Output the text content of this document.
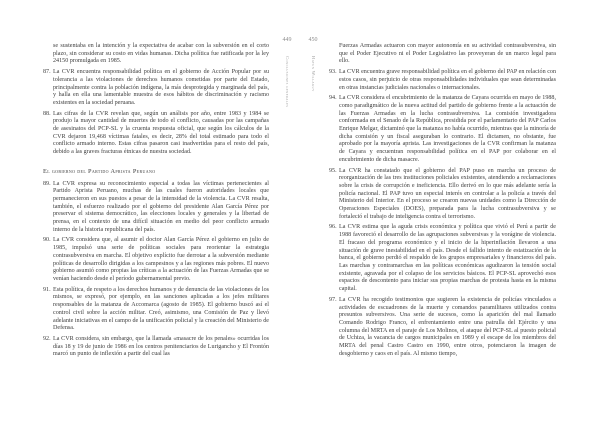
se sustentaba en la intención y la expectativa de acabar con la subversión en el corto plazo, sin considerar su costo en vidas humanas. Dicha política fue ratificada por la ley 24150 promulgada en 1985.

87. La CVR encuentra responsabilidad política en el gobierno de Acción Popular por su tolerancia a las violaciones de derechos humanos cometidas por parte del Estado, principalmente contra la población indígena, la más desprotegida y marginada del país, y halla en ella una lamentable muestra de esos hábitos de discriminación y racismo existentes en la sociedad peruana.
88. Las cifras de la CVR revelan que, según un análisis por año, entre 1983 y 1984 se produjo la mayor cantidad de muertes de todo el conflicto, causadas por las campañas de asesinatos del PCP-SL y la cruenta respuesta oficial, que según los cálculos de la CVR dejaron 19,468 víctimas fatales, es decir, 28% del total estimado para todo el conflicto armado interno. Estas cifras pasaron casi inadvertidas para el resto del país, debido a las graves fracturas étnicas de nuestra sociedad.
El gobierno del Partido Aprista Peruano
89. La CVR expresa su reconocimiento especial a todas las víctimas pertenecientes al Partido Aprista Peruano, muchas de las cuales fueron autoridades locales que permanecieron en sus puestos a pesar de la intensidad de la violencia. La CVR resalta, también, el esfuerzo realizado por el gobierno del presidente Alan García Pérez por preservar el sistema democrático, las elecciones locales y generales y la libertad de prensa, en el contexto de una difícil situación en medio del peor conflicto armado interno de la historia republicana del país.
90. La CVR considera que, al asumir el doctor Alan García Pérez el gobierno en julio de 1985, impulsó una serie de políticas sociales para reorientar la estrategia contrasubversiva en marcha. El objetivo explícito fue derrotar a la subversión mediante políticas de desarrollo dirigidas a los campesinos y a las regiones más pobres. El nuevo gobierno asumió como propias las críticas a la actuación de las Fuerzas Armadas que se venían haciendo desde el período gubernamental previo.
91. Esta política, de respeto a los derechos humanos y de denuncia de las violaciones de los mismos, se expresó, por ejemplo, en las sanciones aplicadas a los jefes militares responsables de la matanza de Accomarca (agosto de 1985). El gobierno buscó así el control civil sobre la acción militar. Creó, asimismo, una Comisión de Paz y llevó adelante iniciativas en el campo de la unificación policial y la creación del Ministerio de Defensa.
92. La CVR considera, sin embargo, que la llamada «masacre de los penales» ocurridas los días 18 y 19 de junio de 1986 en los centros penitenciarios de Lurigancho y El Frontón marcó un punto de inflexión a partir del cual las
449
Conclusiones generales
450
Hatun Willakuy

Fuerzas Armadas actuaron con mayor autonomía en su actividad contrasubversiva, sin que el Poder Ejecutivo ni el Poder Legislativo las proveyeran de un marco legal para ello.

93. La CVR encuentra grave responsabilidad política en el gobierno del PAP en relación con estos casos, sin perjuicio de otras responsabilidades individuales que sean determinadas en otras instancias judiciales nacionales o internacionales.
94. La CVR considera el encubrimiento de la matanza de Cayara ocurrida en mayo de 1988, como paradigmático de la nueva actitud del partido de gobierno frente a la actuación de las Fuerzas Armadas en la lucha contrasubversiva. La comisión investigadora conformada en el Senado de la República, presidida por el parlamentario del PAP Carlos Enrique Melgar, dictaminó que la matanza no había ocurrido, mientras que la minoría de dicha comisión y un fiscal aseguraban lo contrario. El dictamen, no obstante, fue aprobado por la mayoría aprista. Las investigaciones de la CVR confirman la matanza de Cayara y encuentran responsabilidad política en el PAP por colaborar en el encubrimiento de dicha masacre.
95. La CVR ha constatado que el gobierno del PAP puso en marcha un proceso de reorganización de las tres instituciones policiales existentes, atendiendo a reclamaciones sobre la crisis de corrupción e ineficiencia. Ello derivó en lo que más adelante sería la policía nacional. El PAP tuvo un especial interés en controlar a la policía a través del Ministerio del Interior. En el proceso se crearon nuevas unidades como la Dirección de Operaciones Especiales (DOES), preparada para la lucha contrasubversiva y se fortaleció el trabajo de inteligencia contra el terrorismo.
96. La CVR estima que la aguda crisis económica y política que vivió el Perú a partir de 1988 favoreció el desarrollo de las agrupaciones subversivas y la vorágine de violencia. El fracaso del programa económico y el inicio de la hiperinflación llevaron a una situación de grave inestabilidad en el país. Desde el fallido intento de estatización de la banca, el gobierno perdió el respaldo de los grupos empresariales y financieros del país. Las marchas y contramarchas en las políticas económicas agudizaron la tensión social existente, agravada por el colapso de los servicios básicos. El PCP-SL aprovechó esos espacios de descontento para iniciar sus propias marchas de protesta hasta en la misma capital.
97. La CVR ha recogido testimonios que sugieren la existencia de policías vinculados a actividades de escuadrones de la muerte y comandos paramilitares utilizados contra presuntos subversivos. Una serie de sucesos, como la aparición del mal llamado Comando Rodrigo Franco, el enfrentamiento entre una patrulla del Ejército y una columna del MRTA en el paraje de Los Molinos, el ataque del PCP-SL al puesto policial de Uchiza, la vacancia de cargos municipales en 1989 y el escape de los miembros del MRTA del penal Castro Castro en 1990, entre otros, potenciaron la imagen de desgobierno y caos en el país. Al mismo tiempo,
